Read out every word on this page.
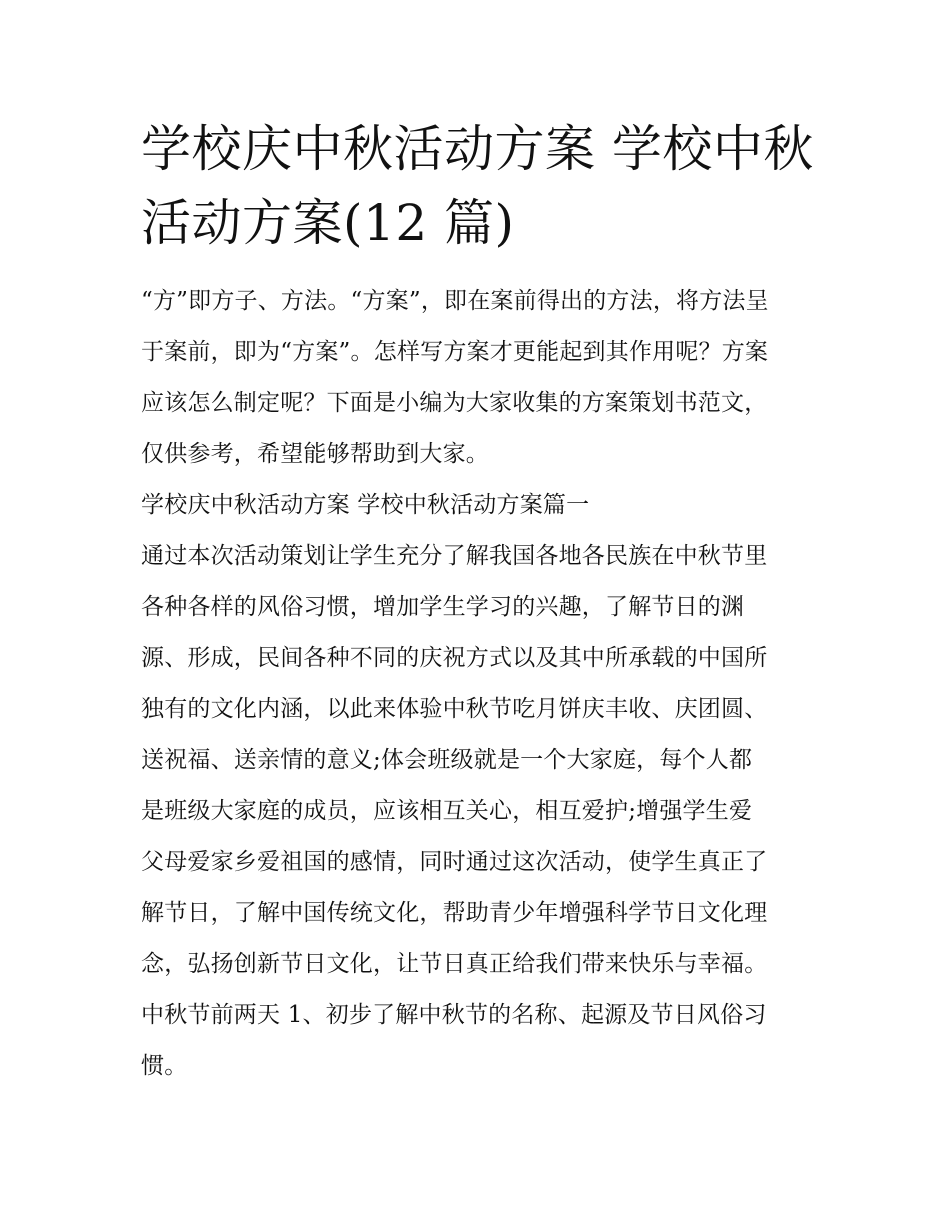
学校庆中秋活动方案 学校中秋
活动方案(12 篇)
“方”即方子、方法。“方案”，即在案前得出的方法，将方法呈
于案前，即为“方案”。怎样写方案才更能起到其作用呢？方案
应该怎么制定呢？下面是小编为大家收集的方案策划书范文，
仅供参考，希望能够帮助到大家。
学校庆中秋活动方案 学校中秋活动方案篇一
通过本次活动策划让学生充分了解我国各地各民族在中秋节里
各种各样的风俗习惯，增加学生学习的兴趣，了解节日的渊
源、形成，民间各种不同的庆祝方式以及其中所承载的中国所
独有的文化内涵，以此来体验中秋节吃月饼庆丰收、庆团圆、
送祝福、送亲情的意义;体会班级就是一个大家庭，每个人都
是班级大家庭的成员，应该相互关心，相互爱护;增强学生爱
父母爱家乡爱祖国的感情，同时通过这次活动，使学生真正了
解节日，了解中国传统文化，帮助青少年增强科学节日文化理
念，弘扬创新节日文化，让节日真正给我们带来快乐与幸福。
中秋节前两天 1、初步了解中秋节的名称、起源及节日风俗习
惯。
